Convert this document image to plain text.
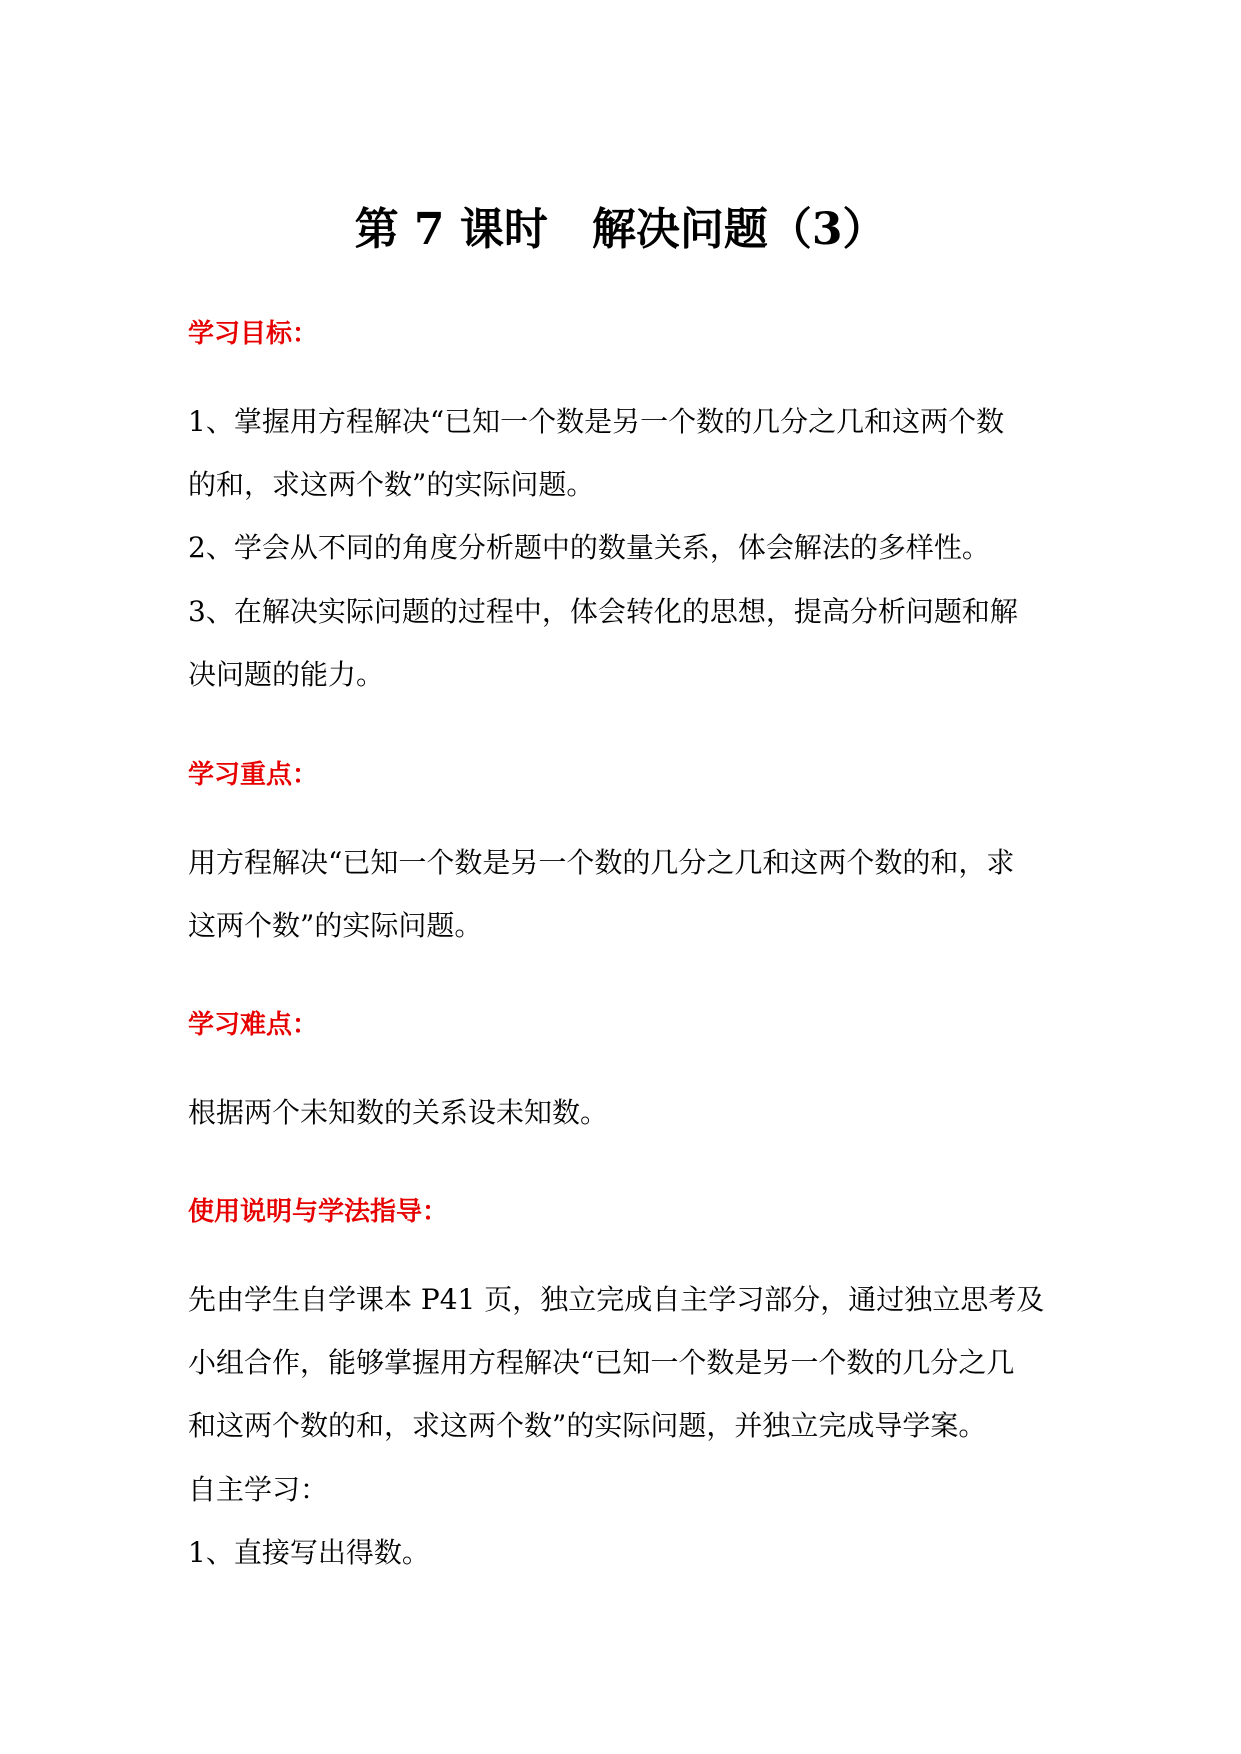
第 7 课时　解决问题（3）
学习目标：
1、掌握用方程解决“已知一个数是另一个数的几分之几和这两个数
的和，求这两个数”的实际问题。
2、学会从不同的角度分析题中的数量关系，体会解法的多样性。
3、在解决实际问题的过程中，体会转化的思想，提高分析问题和解
决问题的能力。
学习重点：
用方程解决“已知一个数是另一个数的几分之几和这两个数的和，求
这两个数”的实际问题。
学习难点：
根据两个未知数的关系设未知数。
使用说明与学法指导：
先由学生自学课本 P41 页，独立完成自主学习部分，通过独立思考及
小组合作，能够掌握用方程解决“已知一个数是另一个数的几分之几
和这两个数的和，求这两个数”的实际问题，并独立完成导学案。
自主学习：
1、直接写出得数。
